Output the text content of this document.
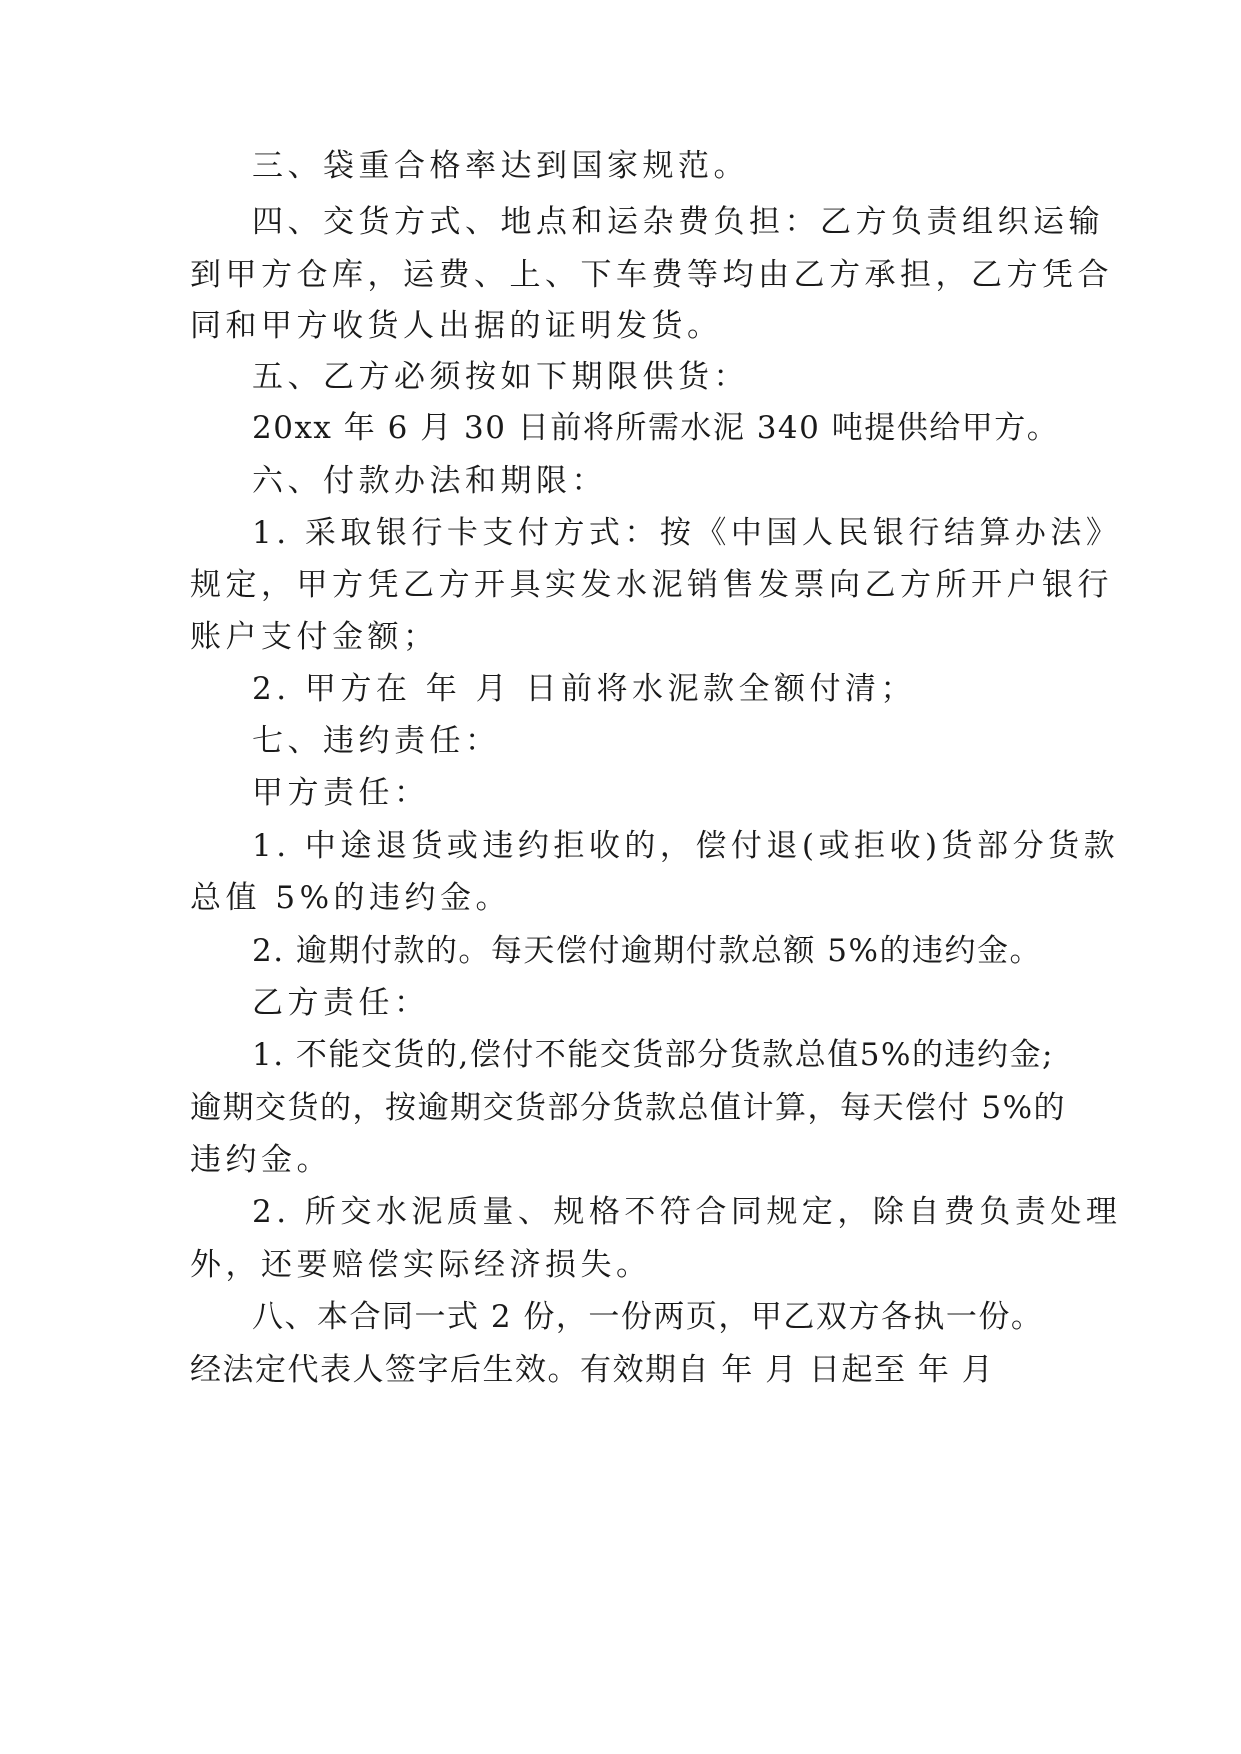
三、袋重合格率达到国家规范。
四、交货方式、地点和运杂费负担：乙方负责组织运输
到甲方仓库，运费、上、下车费等均由乙方承担，乙方凭合
同和甲方收货人出据的证明发货。
五、乙方必须按如下期限供货：
20xx 年 6 月 30 日前将所需水泥 340 吨提供给甲方。
六、付款办法和期限：
1. 采取银行卡支付方式：按《中国人民银行结算办法》
规定，甲方凭乙方开具实发水泥销售发票向乙方所开户银行
账户支付金额；
2. 甲方在 年 月 日前将水泥款全额付清；
七、违约责任：
甲方责任：
1. 中途退货或违约拒收的，偿付退(或拒收)货部分货款
总值 5%的违约金。
2. 逾期付款的。每天偿付逾期付款总额 5%的违约金。
乙方责任：
1. 不能交货的,偿付不能交货部分货款总值5%的违约金;
逾期交货的，按逾期交货部分货款总值计算，每天偿付 5%的
违约金。
2. 所交水泥质量、规格不符合同规定，除自费负责处理
外，还要赔偿实际经济损失。
八、本合同一式 2 份，一份两页，甲乙双方各执一份。
经法定代表人签字后生效。有效期自 年 月 日起至 年 月
